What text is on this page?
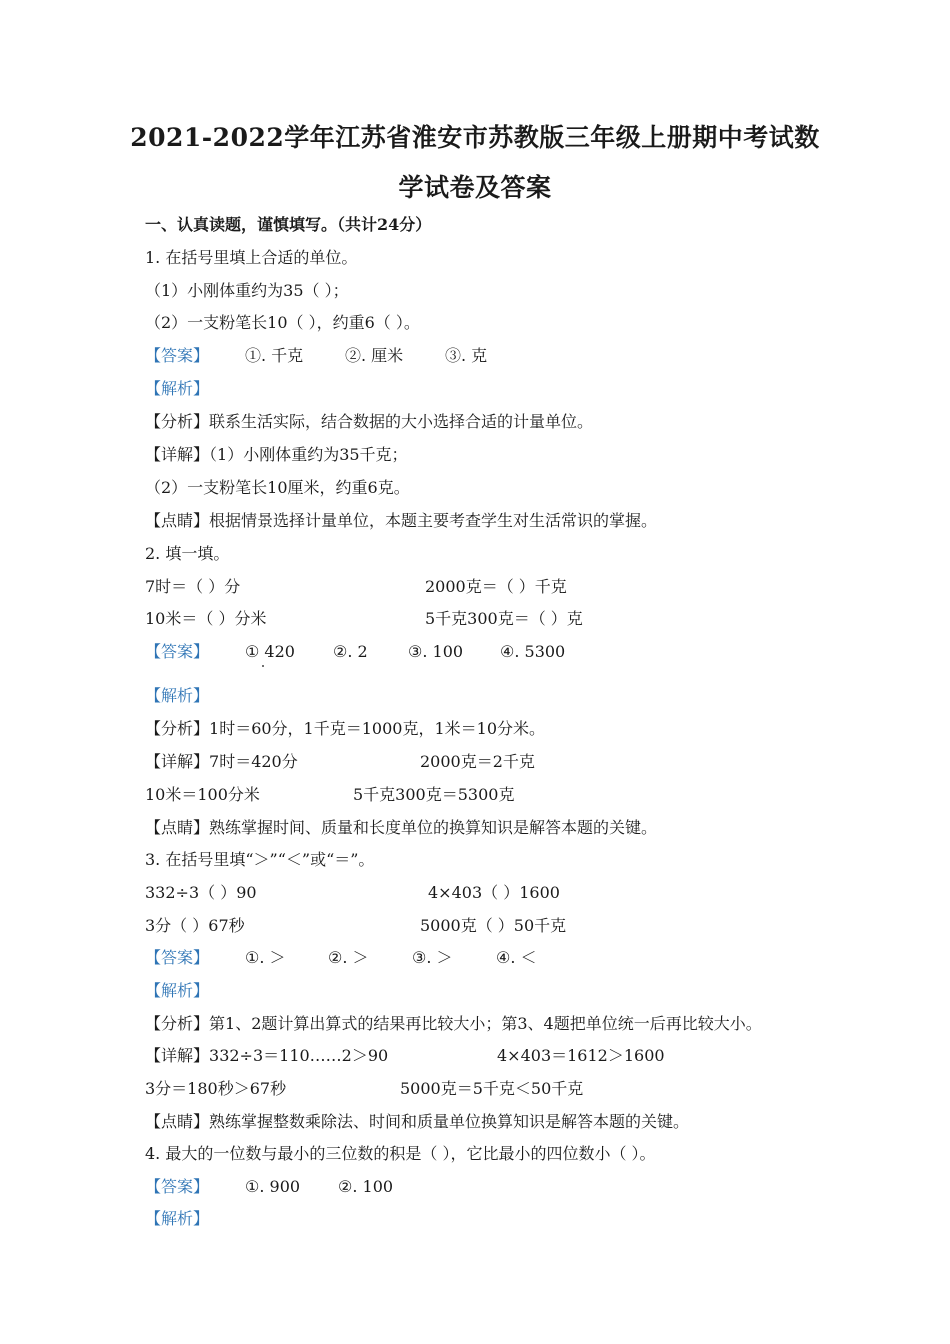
2021-2022学年江苏省淮安市苏教版三年级上册期中考试数
学试卷及答案
一、认真读题，谨慎填写。（共计24分）
1. 在括号里填上合适的单位。
（1）小刚体重约为35（ ）；
（2）一支粉笔长10（ ），约重6（ ）。
【答案】 ①. 千克	②. 厘米	③. 克
【解析】
【分析】联系生活实际，结合数据的大小选择合适的计量单位。
【详解】（1）小刚体重约为35千克；
（2）一支粉笔长10厘米，约重6克。
【点睛】根据情景选择计量单位，本题主要考查学生对生活常识的掌握。
2. 填一填。
7时＝（ ）分	2000克＝（ ）千克
10米＝（ ）分米	5千克300克＝（ ）克
【答案】 ① 420 ②. 2	③. 100 ④. 5300
【解析】
【分析】1时＝60分，1千克＝1000克，1米＝10分米。
【详解】7时＝420分	2000克＝2千克
10米＝100分米	5千克300克＝5300克
【点睛】熟练掌握时间、质量和长度单位的换算知识是解答本题的关键。
3. 在括号里填“＞”“＜”或“＝”。
332÷3（ ）90	4×403（ ）1600
3分（ ）67秒	5000克（ ）50千克
【答案】 ①. ＞	②. ＞	③. ＞	④. ＜
【解析】
【分析】第1、2题计算出算式的结果再比较大小；第3、4题把单位统一后再比较大小。
【详解】332÷3＝110……2＞90	4×403＝1612＞1600
3分＝180秒＞67秒	5000克＝5千克＜50千克
【点睛】熟练掌握整数乘除法、时间和质量单位换算知识是解答本题的关键。
4. 最大的一位数与最小的三位数的积是（ ），它比最小的四位数小（ ）。
【答案】 ①. 900 ②. 100
【解析】
